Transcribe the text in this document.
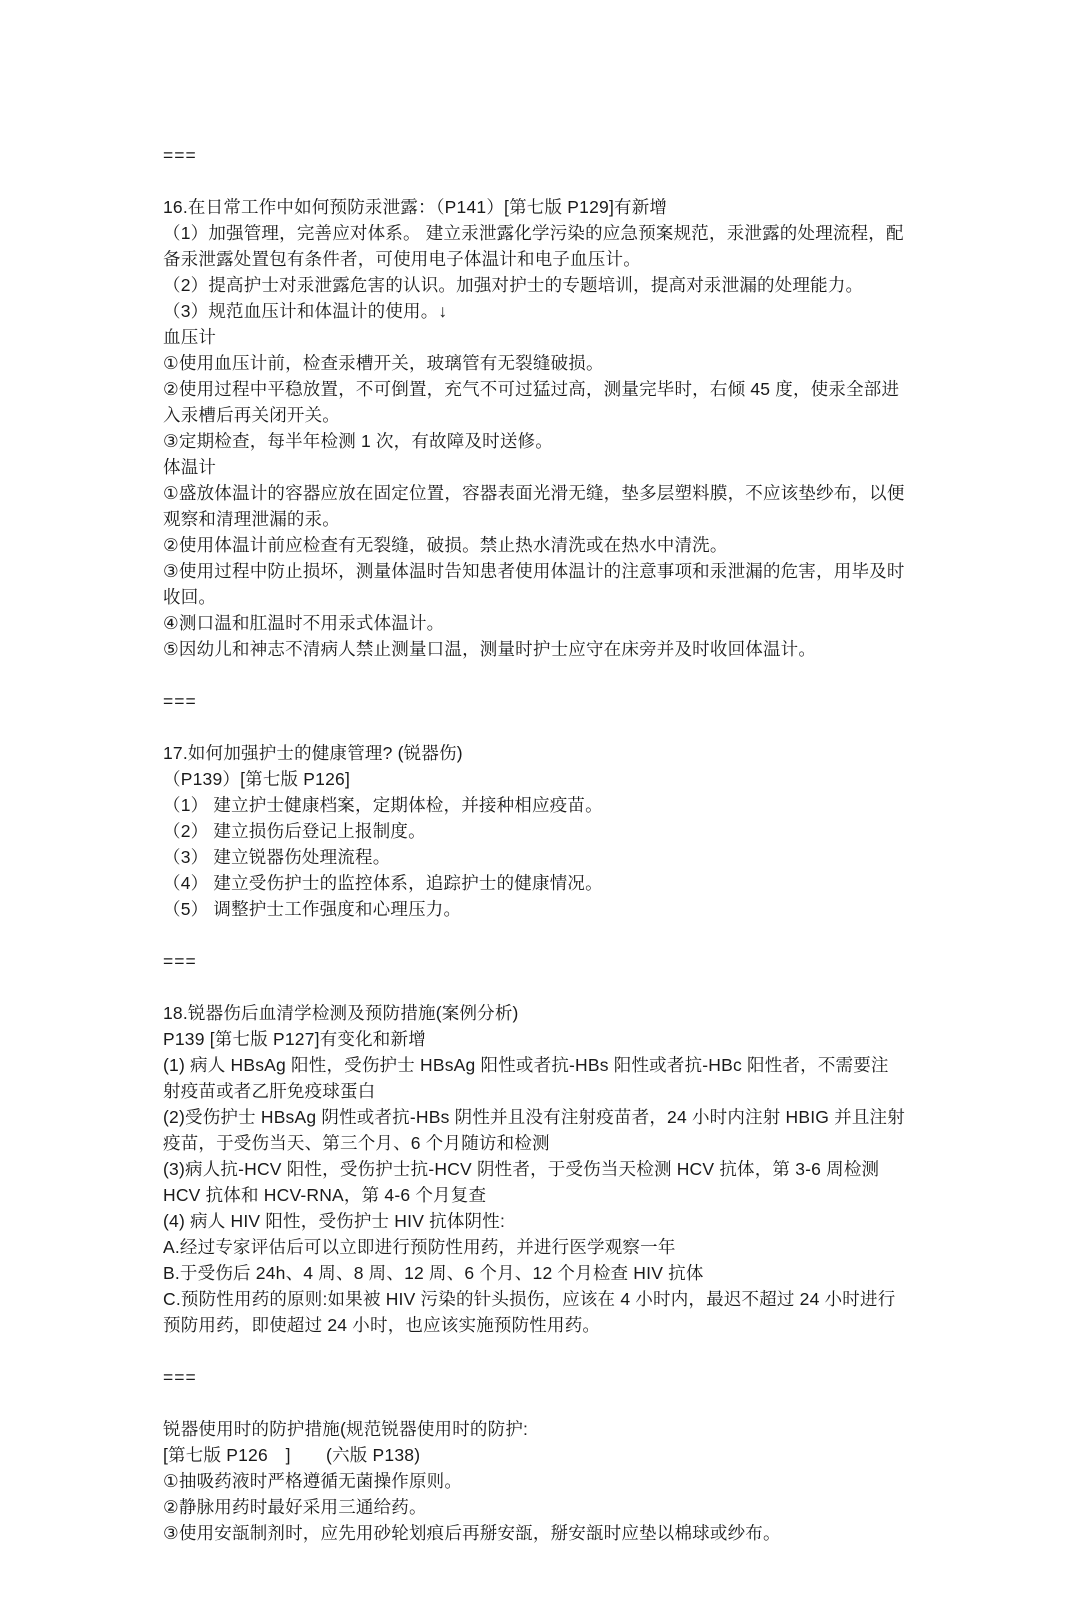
===
16.在日常工作中如何预防汞泄露：（P141）[第七版 P129]有新增
（1）加强管理，完善应对体系。 建立汞泄露化学污染的应急预案规范，汞泄露的处理流程，配
备汞泄露处置包有条件者，可使用电子体温计和电子血压计。
（2）提高护士对汞泄露危害的认识。加强对护士的专题培训，提高对汞泄漏的处理能力。
（3）规范血压计和体温计的使用。↓
血压计
①使用血压计前，检查汞槽开关，玻璃管有无裂缝破损。
②使用过程中平稳放置，不可倒置，充气不可过猛过高，测量完毕时，右倾 45 度，使汞全部进
入汞槽后再关闭开关。
③定期检查，每半年检测 1 次，有故障及时送修。
体温计
①盛放体温计的容器应放在固定位置，容器表面光滑无缝，垫多层塑料膜，不应该垫纱布，以便
观察和清理泄漏的汞。
②使用体温计前应检查有无裂缝，破损。禁止热水清洗或在热水中清洗。
③使用过程中防止损坏，测量体温时告知患者使用体温计的注意事项和汞泄漏的危害，用毕及时
收回。
④测口温和肛温时不用汞式体温计。
⑤因幼儿和神志不清病人禁止测量口温，测量时护士应守在床旁并及时收回体温计。
===
17.如何加强护士的健康管理? (锐器伤)
（P139）[第七版 P126]
（1） 建立护士健康档案，定期体检，并接种相应疫苗。
（2） 建立损伤后登记上报制度。
（3） 建立锐器伤处理流程。
（4） 建立受伤护士的监控体系，追踪护士的健康情况。
（5） 调整护士工作强度和心理压力。
===
18.锐器伤后血清学检测及预防措施(案例分析)
P139 [第七版 P127]有变化和新增
(1) 病人 HBsAg 阳性，受伤护士 HBsAg 阳性或者抗-HBs 阳性或者抗-HBc 阳性者，不需要注
射疫苗或者乙肝免疫球蛋白
(2)受伤护士 HBsAg 阴性或者抗-HBs 阴性并且没有注射疫苗者，24 小时内注射 HBIG 并且注射
疫苗，于受伤当天、第三个月、6 个月随访和检测
(3)病人抗-HCV 阳性，受伤护士抗-HCV 阴性者，于受伤当天检测 HCV 抗体，第 3-6 周检测
HCV 抗体和 HCV-RNA，第 4-6 个月复查
(4) 病人 HIV 阳性，受伤护士 HIV 抗体阴性:
A.经过专家评估后可以立即进行预防性用药，并进行医学观察一年
B.于受伤后 24h、4 周、8 周、12 周、6 个月、12 个月检查 HIV 抗体
C.预防性用药的原则:如果被 HIV 污染的针头损伤，应该在 4 小时内，最迟不超过 24 小时进行
预防用药，即使超过 24 小时，也应该实施预防性用药。
===
锐器使用时的防护措施(规范锐器使用时的防护:
[第七版 P126　]　　(六版 P138)
①抽吸药液时严格遵循无菌操作原则。
②静脉用药时最好采用三通给药。
③使用安瓿制剂时，应先用砂轮划痕后再掰安瓿，掰安瓿时应垫以棉球或纱布。
